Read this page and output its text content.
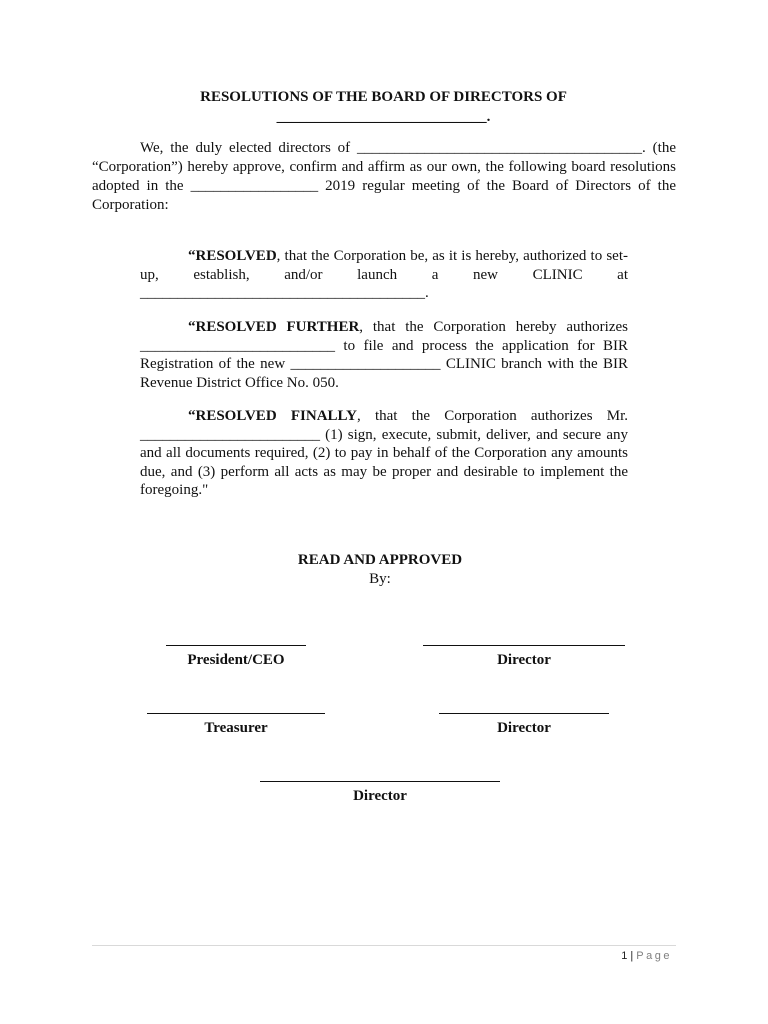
RESOLUTIONS OF THE BOARD OF DIRECTORS OF
____________________________.

We, the duly elected directors of ______________________________________. (the “Corporation”) hereby approve, confirm and affirm as our own, the following board resolutions adopted in the _________________ 2019 regular meeting of the Board of Directors of the Corporation:

“RESOLVED, that the Corporation be, as it is hereby, authorized to set-up, establish, and/or launch a new CLINIC at
______________________________________.

“RESOLVED FURTHER, that the Corporation hereby authorizes __________________________ to file and process the application for BIR Registration of the new ____________________ CLINIC branch with the BIR Revenue District Office No. 050.

“RESOLVED FINALLY, that the Corporation authorizes Mr. ________________________ (1) sign, execute, submit, deliver, and secure any and all documents required, (2) to pay in behalf of the Corporation any amounts due, and (3) perform all acts as may be proper and desirable to implement the foregoing."

READ AND APPROVED
By:
President/CEO	Director
Treasurer	Director
Director
1 | Page
